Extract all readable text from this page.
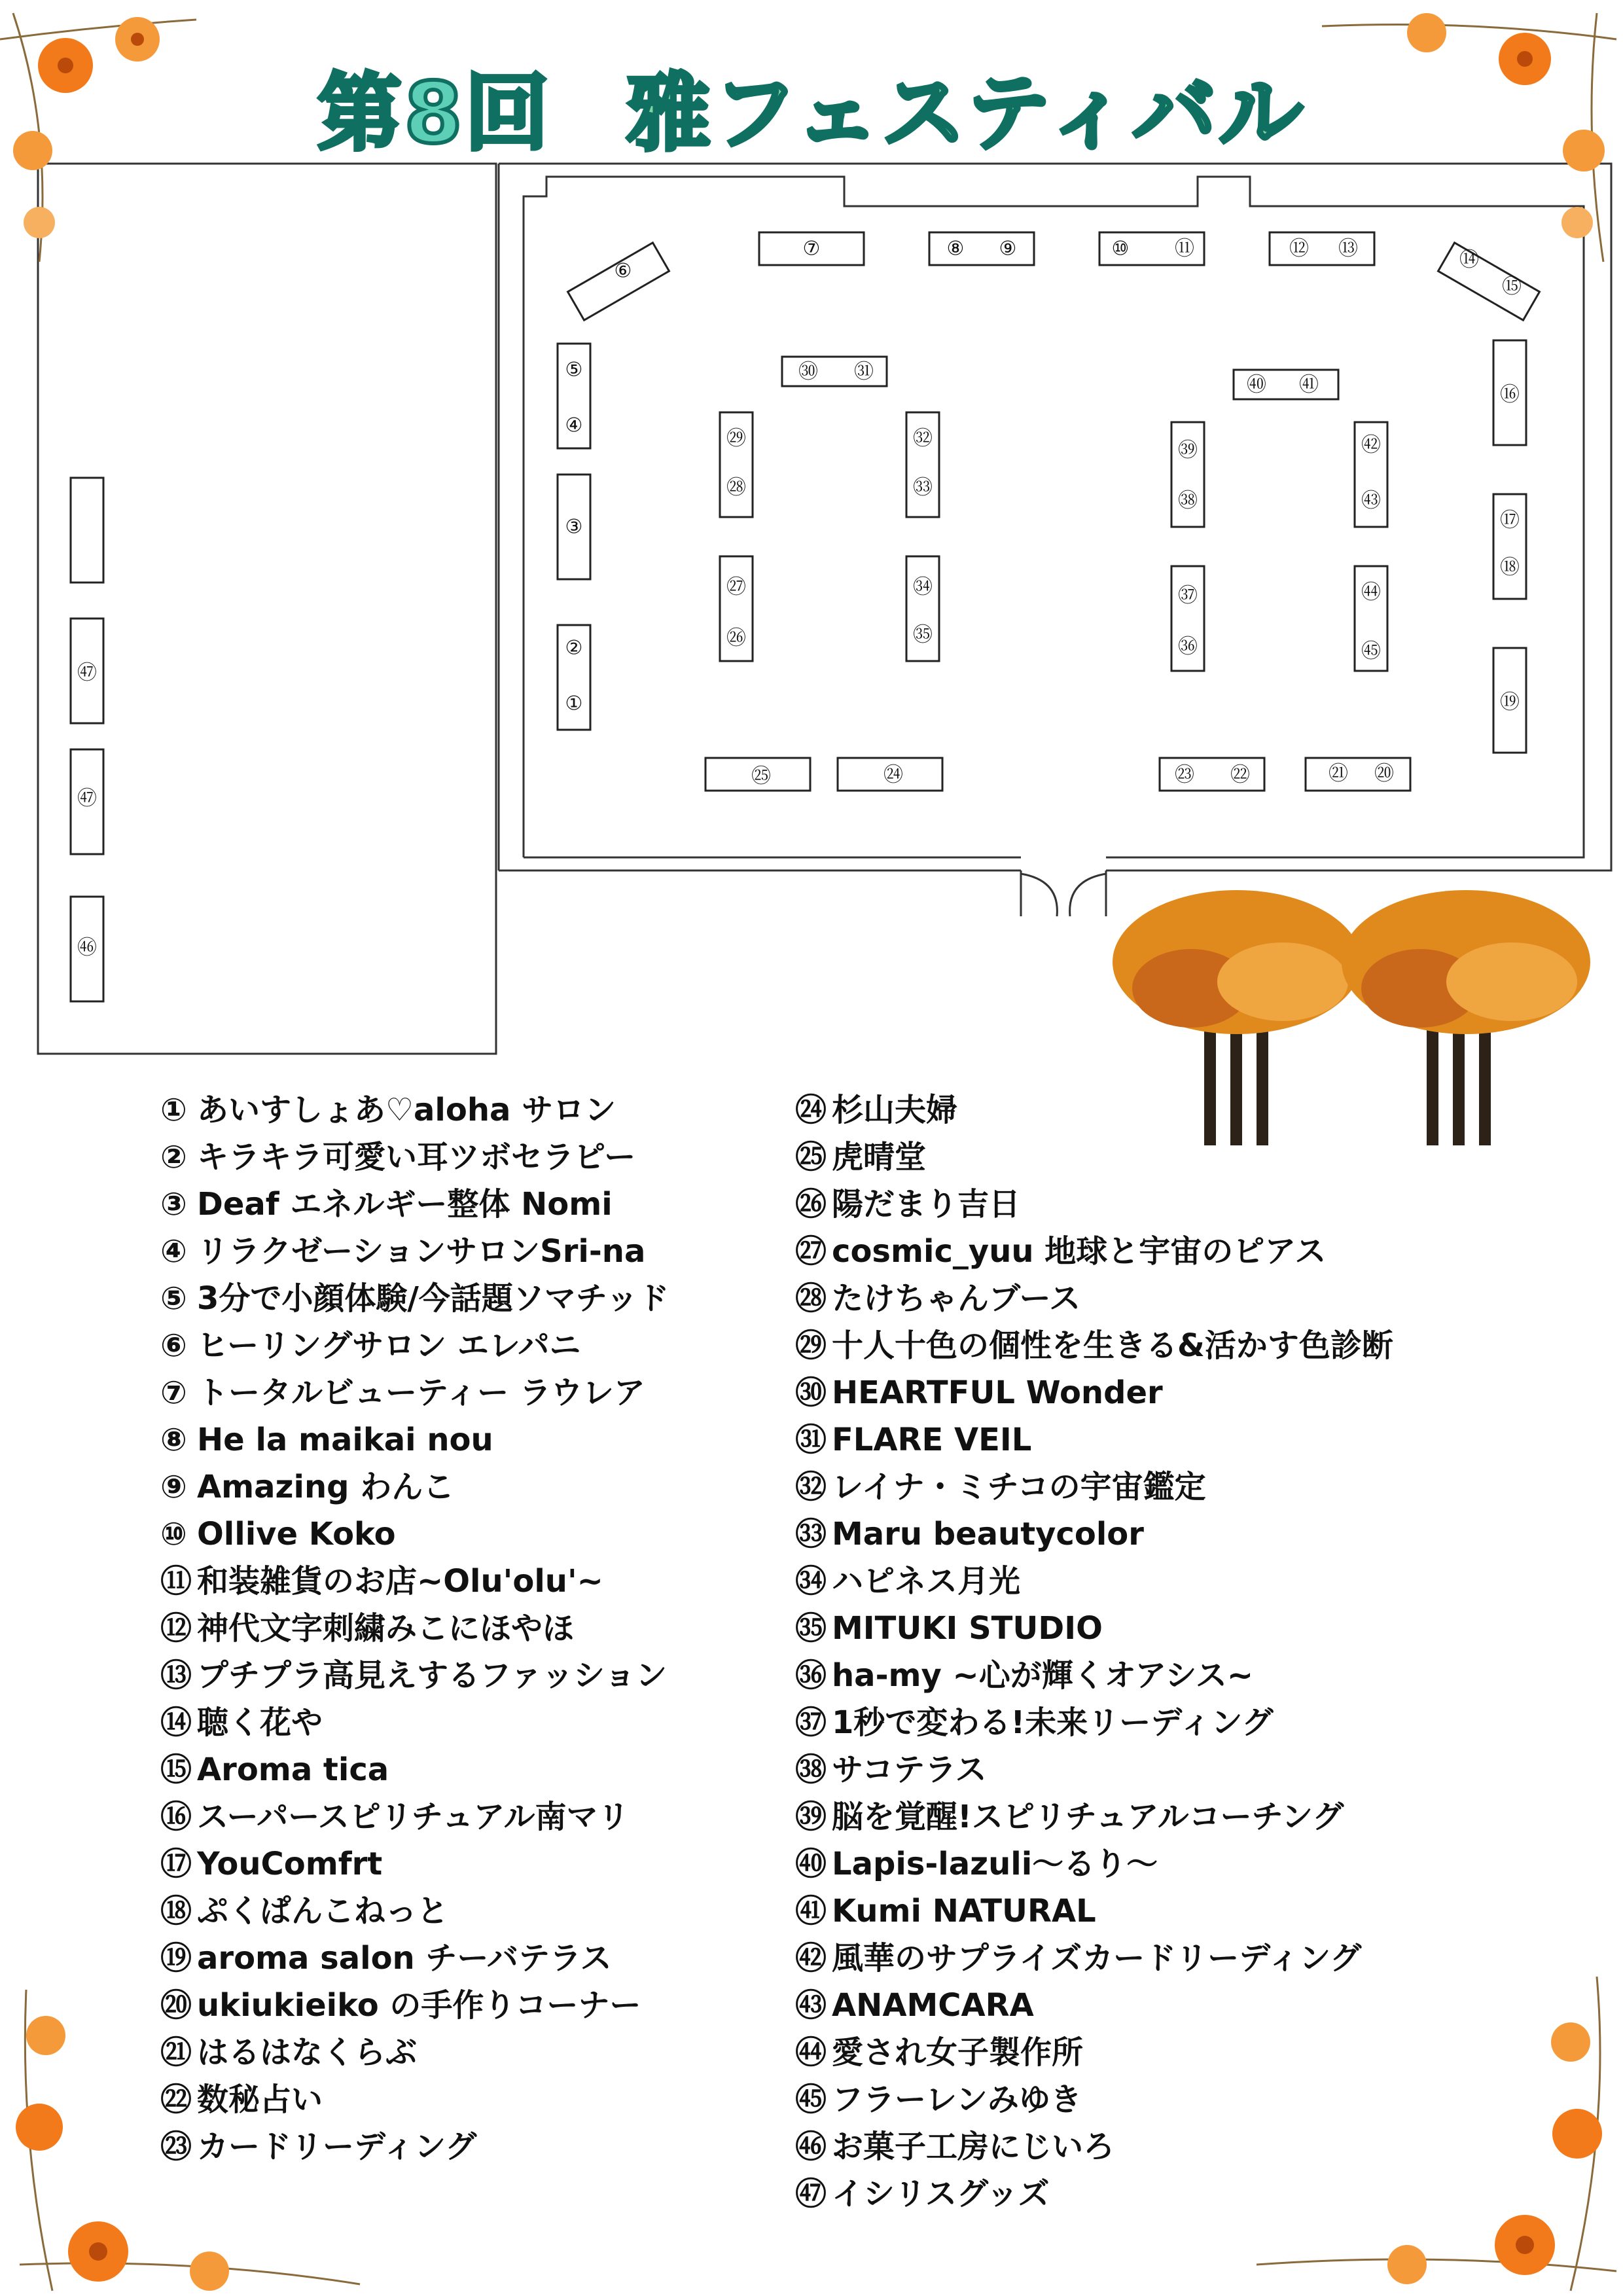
第8回 雅フェスティバル
⑦	⑧ ⑨	⑩ ⑪	⑫ ⑬
⑥	⑭
⑮
㉚ ㉛
㊵ ㊶
⑤
④
③
②
①
㉙
㉘
㉗
㉖
㉜
㉝
㉞
㉟
㊴
㊳
㊲
㊱
㊷
㊸
㊹
㊺
⑯
⑰
⑱
⑲
㉕	㉔	㉓ ㉒	㉑ ⑳
㊼
㊼
㊻
① あいすしょあ♡aloha サロン
② キラキラ可愛い耳ツボセラピー
③ Deaf エネルギー整体 Nomi
④ リラクゼーションサロンSri-na
⑤ 3分で小顔体験/今話題ソマチッド
⑥ ヒーリングサロン エレパニ
⑦ トータルビューティー ラウレア
⑧ He la maikai nou
⑨ Amazing わんこ
⑩ Ollive Koko
⑪ 和装雑貨のお店~Olu'olu'~
⑫ 神代文字刺繍みこにほやほ
⑬ プチプラ高見えするファッション
⑭ 聴く花や
⑮ Aroma tica
⑯ スーパースピリチュアル南マリ
⑰ YouComfrt
⑱ ぷくぱんこねっと
⑲ aroma salon チーバテラス
⑳ ukiukieiko の手作りコーナー
㉑ はるはなくらぶ
㉒ 数秘占い
㉓ カードリーディング
㉔ 杉山夫婦
㉕ 虎晴堂
㉖ 陽だまり吉日
㉗ cosmic_yuu 地球と宇宙のピアス
㉘ たけちゃんブース
㉙ 十人十色の個性を生きる&活かす色診断
㉚ HEARTFUL Wonder
㉛ FLARE VEIL
㉜ レイナ・ミチコの宇宙鑑定
㉝ Maru beautycolor
㉞ ハピネス月光
㉟ MITUKI STUDIO
㊱ ha-my ~心が輝くオアシス~
㊲ 1秒で変わる!未来リーディング
㊳ サコテラス
㊴ 脳を覚醒!スピリチュアルコーチング
㊵ Lapis-lazuli〜るり〜
㊶ Kumi NATURAL
㊷ 風華のサプライズカードリーディング
㊸ ANAMCARA
㊹ 愛され女子製作所
㊺ フラーレンみゆき
㊻ お菓子工房にじいろ
㊼ イシリスグッズ
